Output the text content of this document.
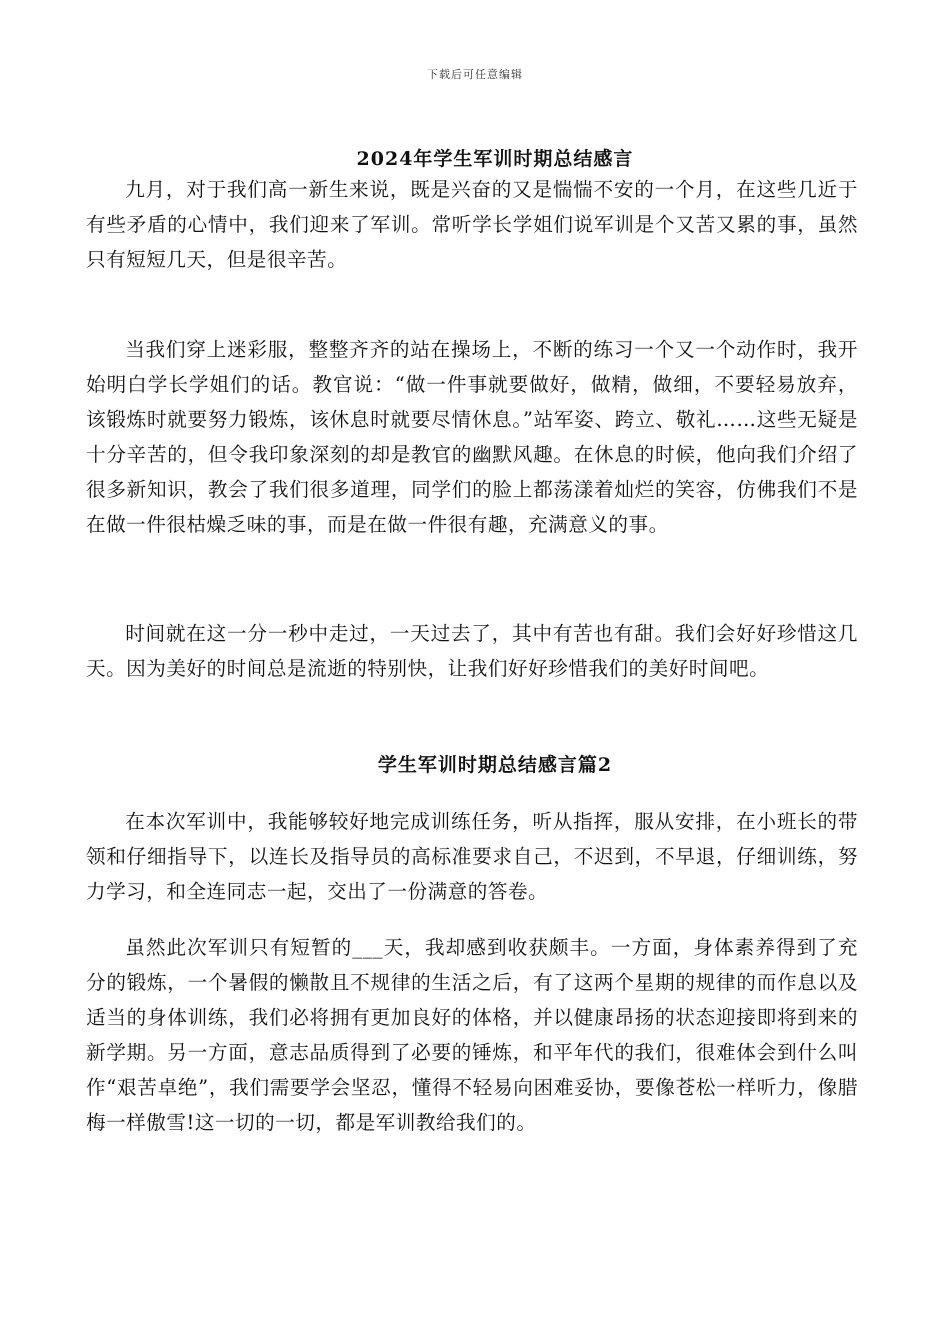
下载后可任意编辑
2024年学生军训时期总结感言

九月，对于我们高一新生来说，既是兴奋的又是惴惴不安的一个月，在这些几近于有些矛盾的心情中，我们迎来了军训。常听学长学姐们说军训是个又苦又累的事，虽然只有短短几天，但是很辛苦。

当我们穿上迷彩服，整整齐齐的站在操场上，不断的练习一个又一个动作时，我开始明白学长学姐们的话。教官说：“做一件事就要做好，做精，做细，不要轻易放弃，该锻炼时就要努力锻炼，该休息时就要尽情休息。”站军姿、跨立、敬礼……这些无疑是十分辛苦的，但令我印象深刻的却是教官的幽默风趣。在休息的时候，他向我们介绍了很多新知识，教会了我们很多道理，同学们的脸上都荡漾着灿烂的笑容，仿佛我们不是在做一件很枯燥乏味的事，而是在做一件很有趣，充满意义的事。

时间就在这一分一秒中走过，一天过去了，其中有苦也有甜。我们会好好珍惜这几天。因为美好的时间总是流逝的特别快，让我们好好珍惜我们的美好时间吧。

学生军训时期总结感言篇2

在本次军训中，我能够较好地完成训练任务，听从指挥，服从安排，在小班长的带领和仔细指导下，以连长及指导员的高标准要求自己，不迟到，不早退，仔细训练，努力学习，和全连同志一起，交出了一份满意的答卷。

虽然此次军训只有短暂的___天，我却感到收获颇丰。一方面，身体素养得到了充分的锻炼，一个暑假的懒散且不规律的生活之后，有了这两个星期的规律的而作息以及适当的身体训练，我们必将拥有更加良好的体格，并以健康昂扬的状态迎接即将到来的新学期。另一方面，意志品质得到了必要的锤炼，和平年代的我们，很难体会到什么叫作“艰苦卓绝”，我们需要学会坚忍，懂得不轻易向困难妥协，要像苍松一样听力，像腊梅一样傲雪!这一切的一切，都是军训教给我们的。
